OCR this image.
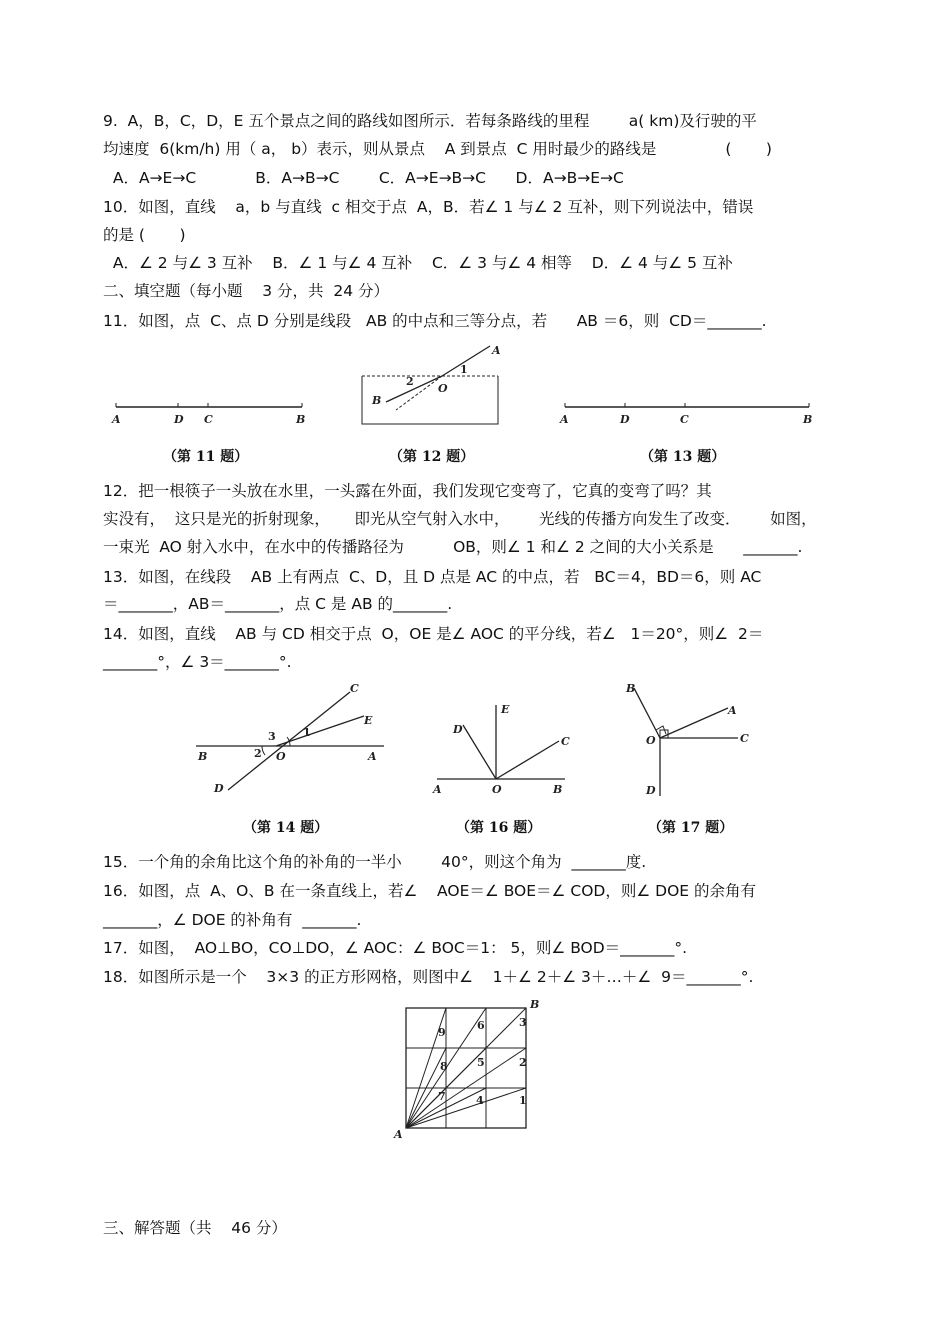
9.  A，B，C，D，E 五个景点之间的路线如图所示．若每条路线的里程        a( km)及行驶的平
均速度  6(km/h) 用（ a， b）表示，则从景点    A 到景点  C 用时最少的路线是              (       )
A．A→E→C            B．A→B→C        C．A→E→B→C      D．A→B→E→C
10．如图，直线    a，b 与直线  c 相交于点  A，B．若∠ 1 与∠ 2 互补，则下列说法中，错误
的是 (       )
A．∠ 2 与∠ 3 互补    B．∠ 1 与∠ 4 互补    C．∠ 3 与∠ 4 相等    D．∠ 4 与∠ 5 互补
二、填空题（每小题    3 分，共  24 分）
11．如图，点  C、点 D 分别是线段   AB 的中点和三等分点，若      AB ＝6，则  CD＝_______.
A	D C	B
（第 11 题）
A
1
2
O
B
（第 12 题）
A	D	C	B
（第 13 题）
12．把一根筷子一头放在水里，一头露在外面，我们发现它变弯了，它真的变弯了吗？其
实没有，  这只是光的折射现象，     即光从空气射入水中，      光线的传播方向发生了改变．      如图，
一束光  AO 射入水中，在水中的传播路径为          OB，则∠ 1 和∠ 2 之间的大小关系是      _______.
13．如图，在线段    AB 上有两点  C、D，且 D 点是 AC 的中点，若   BC＝4，BD＝6，则 AC
＝_______，AB＝_______，点 C 是 AB 的_______.
14．如图，直线    AB 与 CD 相交于点  O，OE 是∠ AOC 的平分线，若∠   1＝20°，则∠  2＝
_______°，∠ 3＝_______°.
C
E
1
3
2 O
B	A
D
（第 14 题）
E
D
C
A	O	B
（第 16 题）
B
A
O	C
D
（第 17 题）
15．一个角的余角比这个角的补角的一半小        40°，则这个角为  _______度.
16．如图，点  A、O、B 在一条直线上，若∠    AOE＝∠ BOE＝∠ COD，则∠ DOE 的余角有
_______，∠ DOE 的补角有  _______.
17．如图，  AO⊥BO，CO⊥DO，∠ AOC：∠ BOC＝1： 5，则∠ BOD＝_______°.
18．如图所示是一个    3×3 的正方形网格，则图中∠    1＋∠ 2＋∠ 3＋…＋∠  9＝_______°.
9
6	3
8	5	2
7	4	1
B
A
三、解答题（共    46 分）
